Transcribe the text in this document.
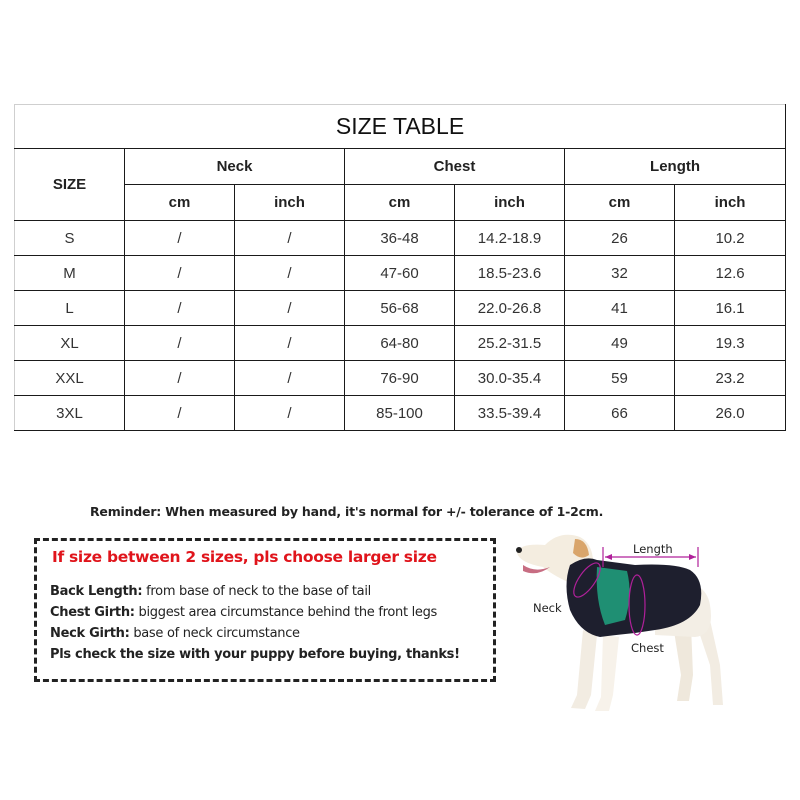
SIZE TABLE						
SIZE	Neck		Chest		Length	
	cm	inch	cm	inch	cm	inch
S	/	/	36-48	14.2-18.9	26	10.2
M	/	/	47-60	18.5-23.6	32	12.6
L	/	/	56-68	22.0-26.8	41	16.1
XL	/	/	64-80	25.2-31.5	49	19.3
XXL	/	/	76-90	30.0-35.4	59	23.2
3XL	/	/	85-100	33.5-39.4	66	26.0
Reminder: When measured by hand, it's normal for +/- tolerance of 1-2cm.
If size between 2 sizes, pls choose larger size
Back Length: from base of neck to the base of tail
Chest Girth: biggest area circumstance behind the front legs
Neck Girth: base of neck circumstance
Pls check the size with your puppy before buying, thanks!
Length
Neck
Chest
